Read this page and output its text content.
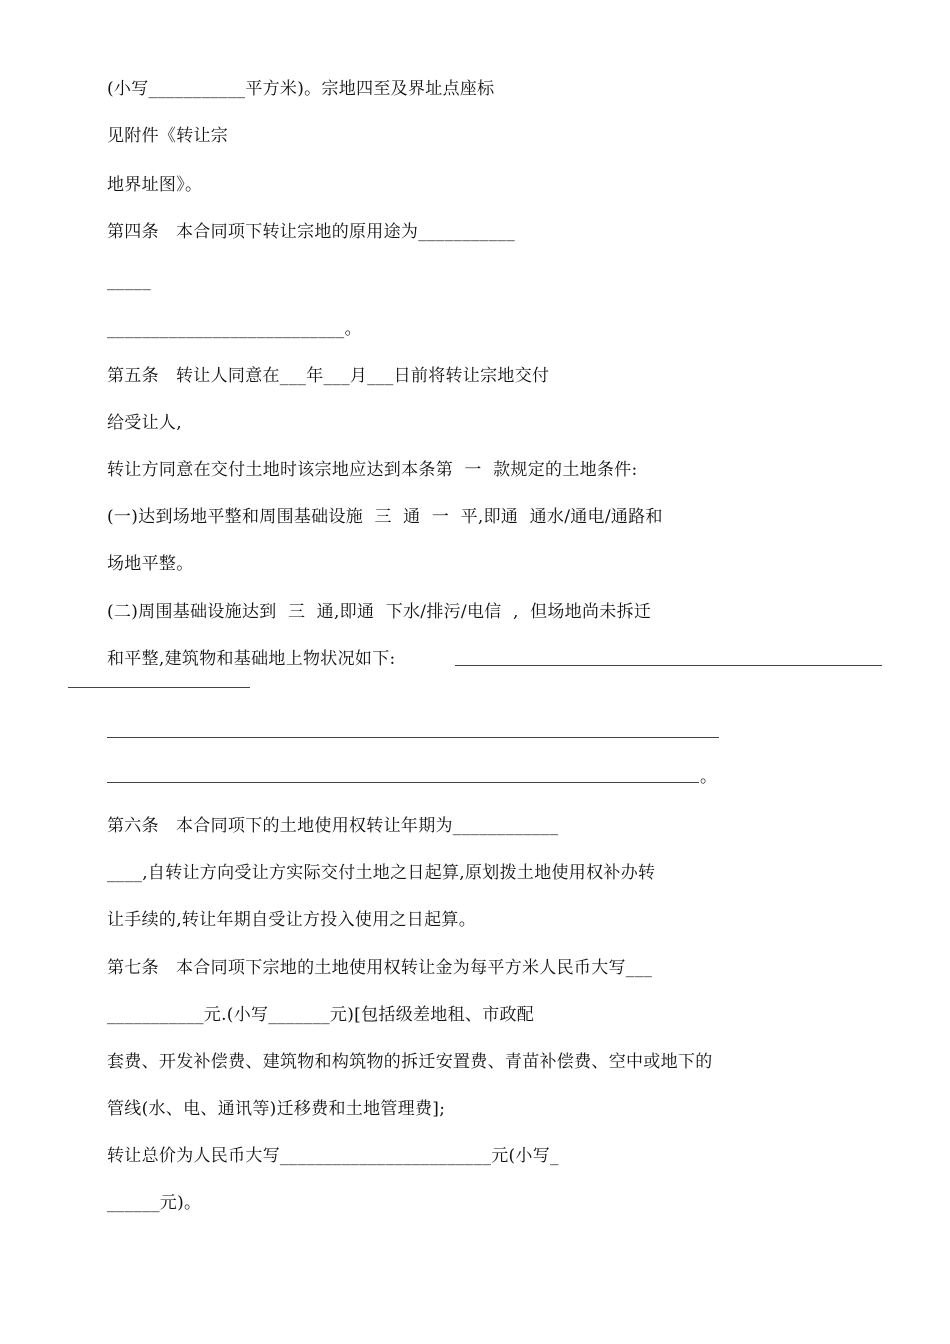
(小写___________平方米)。宗地四至及界址点座标
见附件《转让宗
地界址图》。
第四条   本合同项下转让宗地的原用途为___________
_____
___________________________。
第五条   转让人同意在___年___月___日前将转让宗地交付
给受让人,
转让方同意在交付土地时该宗地应达到本条第  一  款规定的土地条件:
(一)达到场地平整和周围基础设施  三  通  一  平,即通  通水/通电/通路和
场地平整。
(二)周围基础设施达到  三  通,即通  下水/排污/电信  ,  但场地尚未拆迁
和平整,建筑物和基础地上物状况如下:
。
第六条   本合同项下的土地使用权转让年期为____________
____,自转让方向受让方实际交付土地之日起算,原划拨土地使用权补办转
让手续的,转让年期自受让方投入使用之日起算。
第七条   本合同项下宗地的土地使用权转让金为每平方米人民币大写___
___________元.(小写_______元)[包括级差地租、市政配
套费、开发补偿费、建筑物和构筑物的拆迁安置费、青苗补偿费、空中或地下的
管线(水、电、通讯等)迁移费和土地管理费];
转让总价为人民币大写________________________元(小写_
______元)。
